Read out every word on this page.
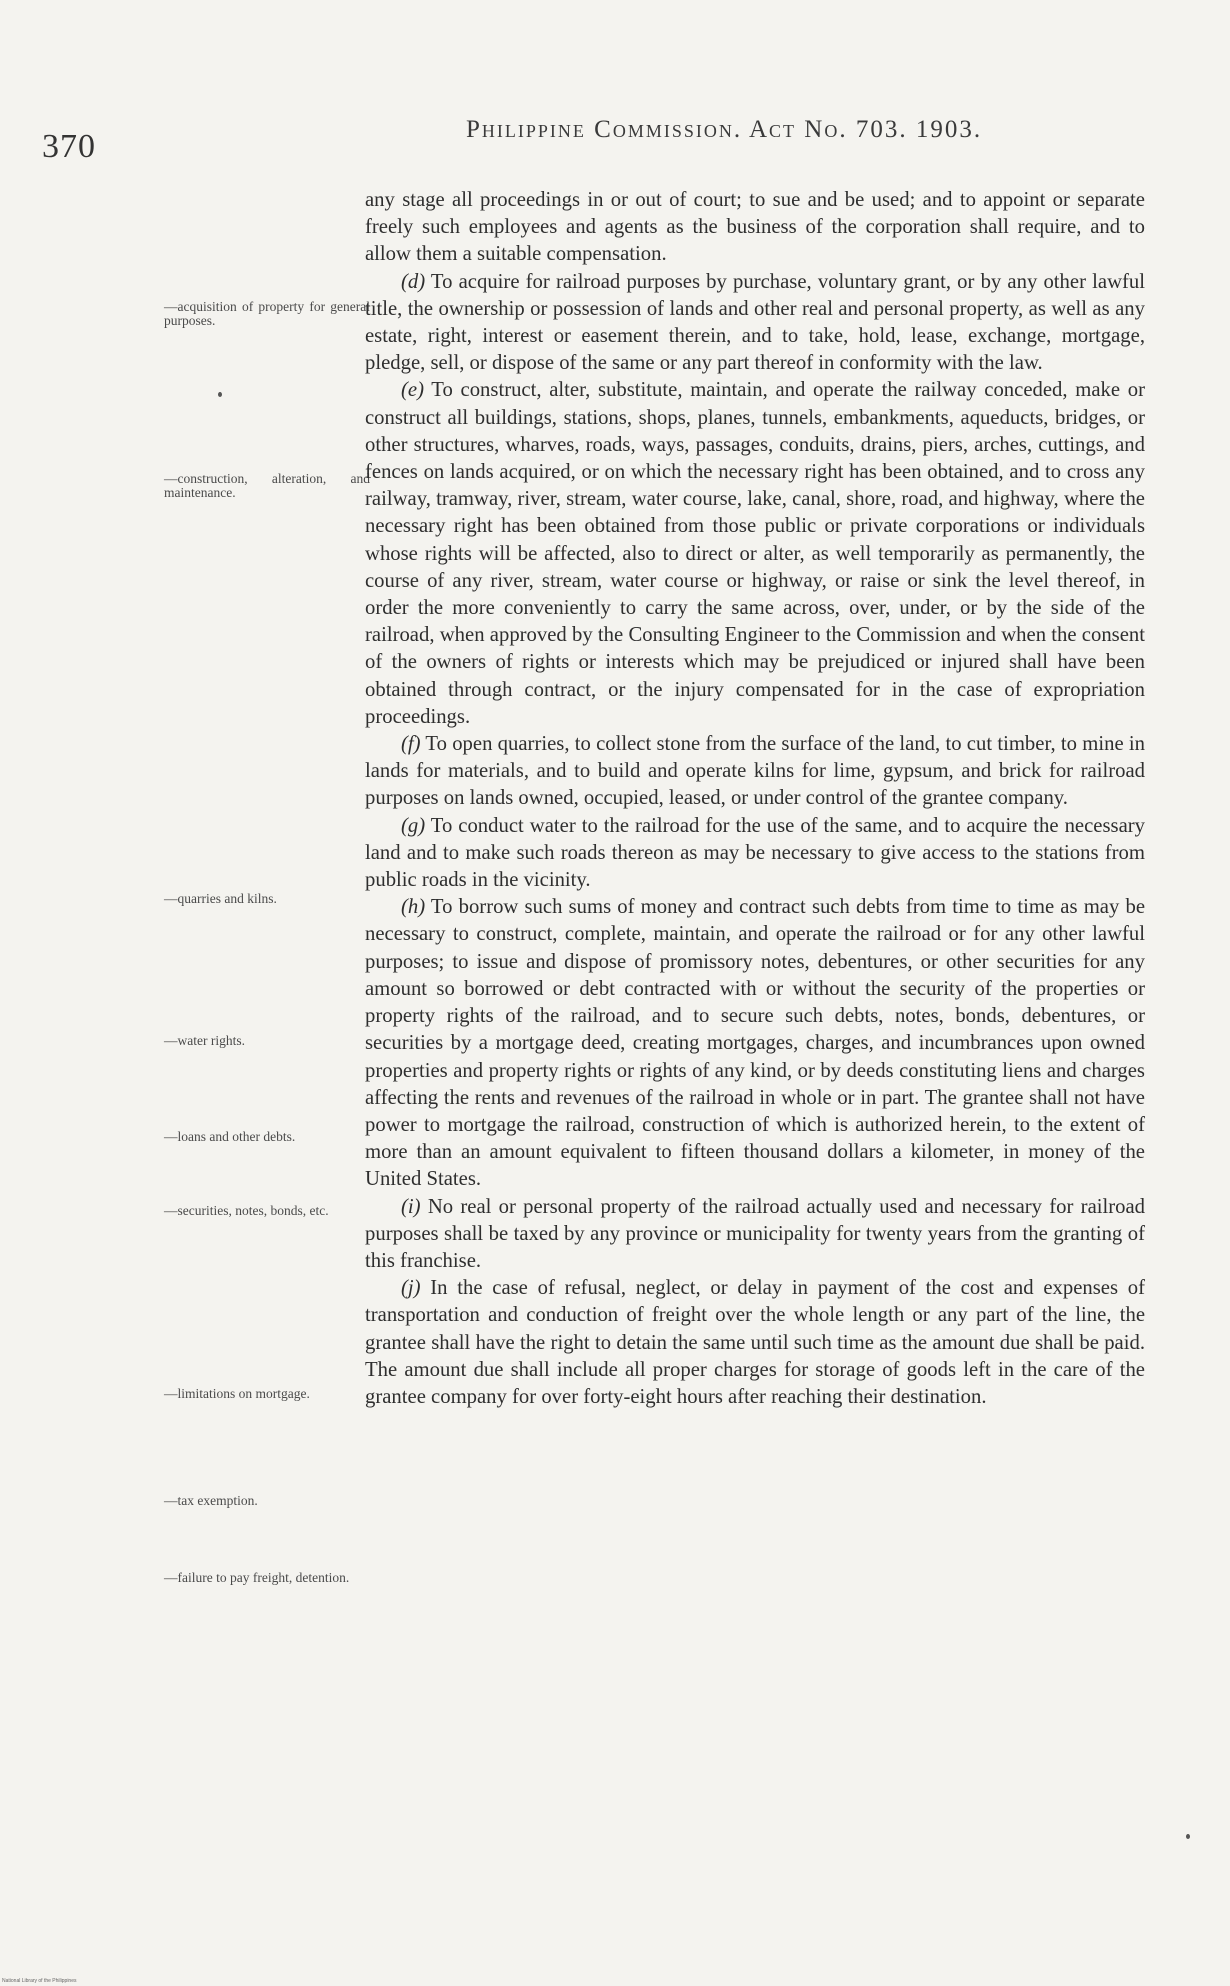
370	Philippine Commission. Act No. 703. 1903.
—acquisition of property for general purposes.
—construction, alteration, and maintenance.
—quarries and kilns.
—water rights.
—loans and other debts.
—securities, notes, bonds, etc.
—limitations on mortgage.
—tax exemption.
—failure to pay freight, detention.

any stage all proceedings in or out of court; to sue and be used; and to appoint or separate freely such employees and agents as the business of the corporation shall require, and to allow them a suitable compensation.

(d) To acquire for railroad purposes by purchase, voluntary grant, or by any other lawful title, the ownership or possession of lands and other real and personal property, as well as any estate, right, interest or easement therein, and to take, hold, lease, exchange, mortgage, pledge, sell, or dispose of the same or any part thereof in conformity with the law.

(e) To construct, alter, substitute, maintain, and operate the railway conceded, make or construct all buildings, stations, shops, planes, tunnels, embankments, aqueducts, bridges, or other structures, wharves, roads, ways, passages, conduits, drains, piers, arches, cuttings, and fences on lands acquired, or on which the necessary right has been obtained, and to cross any railway, tramway, river, stream, water course, lake, canal, shore, road, and highway, where the necessary right has been obtained from those public or private corporations or individuals whose rights will be affected, also to direct or alter, as well temporarily as permanently, the course of any river, stream, water course or highway, or raise or sink the level thereof, in order the more conveniently to carry the same across, over, under, or by the side of the railroad, when approved by the Consulting Engineer to the Commission and when the consent of the owners of rights or interests which may be prejudiced or injured shall have been obtained through contract, or the injury compensated for in the case of expropriation proceedings.

(f) To open quarries, to collect stone from the surface of the land, to cut timber, to mine in lands for materials, and to build and operate kilns for lime, gypsum, and brick for railroad purposes on lands owned, occupied, leased, or under control of the grantee company.

(g) To conduct water to the railroad for the use of the same, and to acquire the necessary land and to make such roads thereon as may be necessary to give access to the stations from public roads in the vicinity.

(h) To borrow such sums of money and contract such debts from time to time as may be necessary to construct, complete, maintain, and operate the railroad or for any other lawful purposes; to issue and dispose of promissory notes, debentures, or other securities for any amount so borrowed or debt contracted with or without the security of the properties or property rights of the railroad, and to secure such debts, notes, bonds, debentures, or securities by a mortgage deed, creating mortgages, charges, and incumbrances upon owned properties and property rights or rights of any kind, or by deeds constituting liens and charges affecting the rents and revenues of the railroad in whole or in part. The grantee shall not have power to mortgage the railroad, construction of which is authorized herein, to the extent of more than an amount equivalent to fifteen thousand dollars a kilometer, in money of the United States.

(i) No real or personal property of the railroad actually used and necessary for railroad purposes shall be taxed by any province or municipality for twenty years from the granting of this franchise.

(j) In the case of refusal, neglect, or delay in payment of the cost and expenses of transportation and conduction of freight over the whole length or any part of the line, the grantee shall have the right to detain the same until such time as the amount due shall be paid. The amount due shall include all proper charges for storage of goods left in the care of the grantee company for over forty-eight hours after reaching their destination.

National Library of the Philippines
